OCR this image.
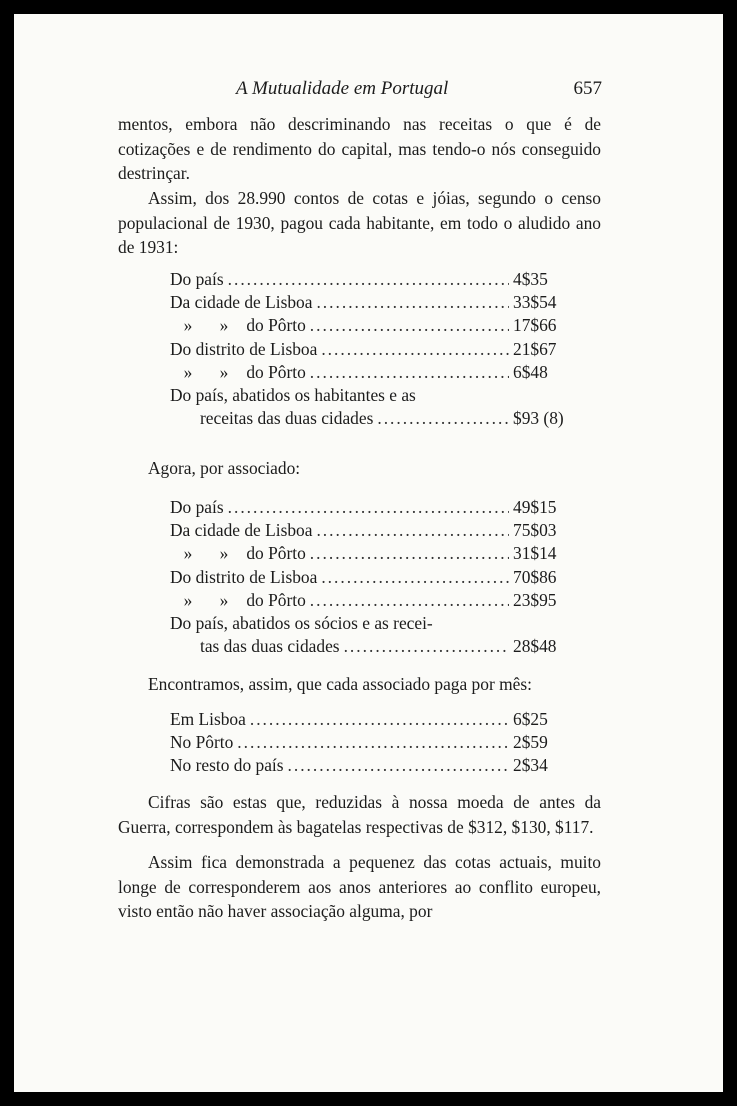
A Mutualidade em Portugal	657

mentos, embora não descriminando nas receitas o que é de cotizações e de rendimento do capital, mas tendo-o nós conseguido destrinçar.

Assim, dos 28.990 contos de cotas e jóias, segundo o censo populacional de 1930, pagou cada habitante, em todo o aludido ano de 1931:

Do país .....	4$35
Da cidade de Lisboa .....	33$54
» » do Pôrto .....	17$66
Do distrito de Lisboa .....	21$67
» » do Pôrto .....	6$48
Do país, abatidos os habitantes e as
receitas das duas cidades .....	$93 (8)

Agora, por associado:

Do país .....	49$15
Da cidade de Lisboa .....	75$03
» » do Pôrto .....	31$14
Do distrito de Lisboa .....	70$86
» » do Pôrto .....	23$95
Do país, abatidos os sócios e as recei-
tas das duas cidades .....	28$48

Encontramos, assim, que cada associado paga por mês:

Em Lisboa .....	6$25
No Pôrto .....	2$59
No resto do país .....	2$34

Cifras são estas que, reduzidas à nossa moeda de antes da Guerra, correspondem às bagatelas respectivas de $312, $130, $117.

Assim fica demonstrada a pequenez das cotas actuais, muito longe de corresponderem aos anos anteriores ao conflito europeu, visto então não haver associação alguma, por
